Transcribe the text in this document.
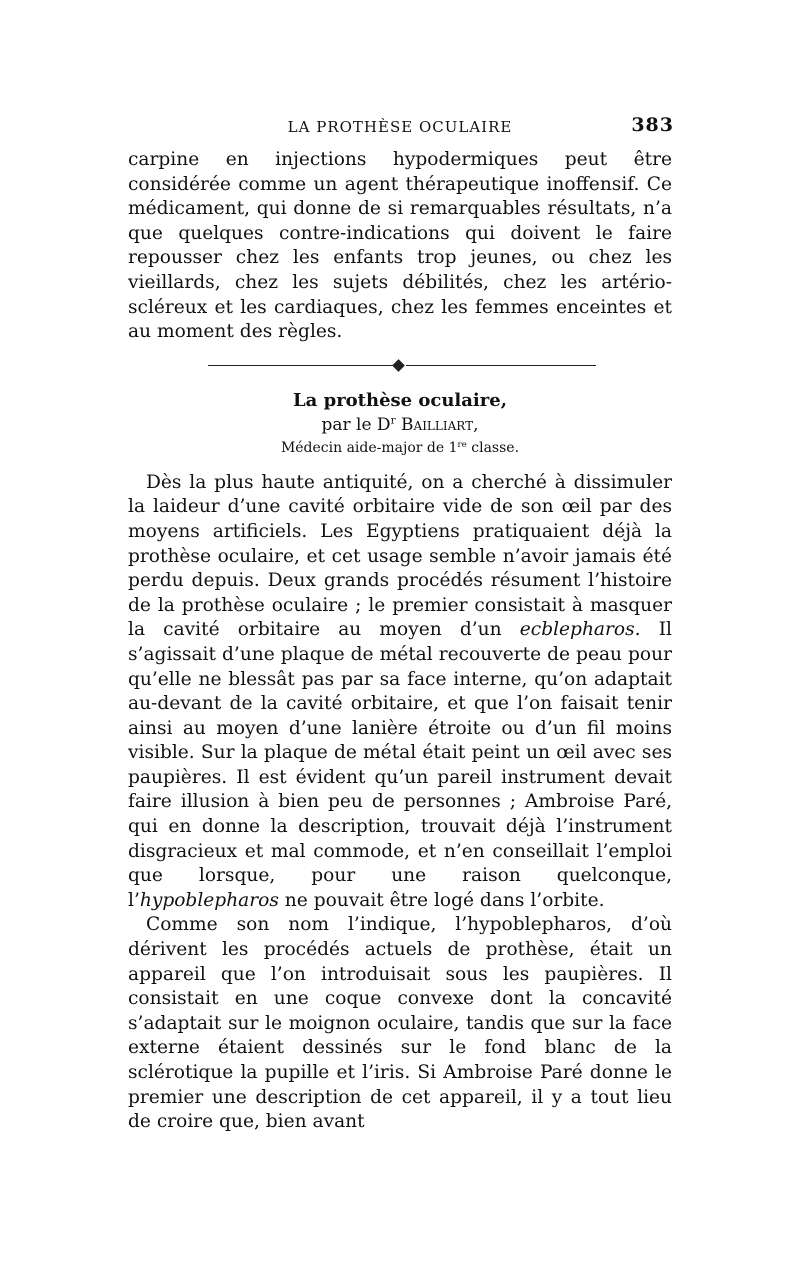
LA PROTHÈSE OCULAIRE	383

carpine en injections hypodermiques peut être considérée comme un agent thérapeutique inoffensif. Ce médicament, qui donne de si remarquables résultats, n’a que quelques contre-indications qui doivent le faire repousser chez les enfants trop jeunes, ou chez les vieillards, chez les sujets débilités, chez les artério-scléreux et les cardiaques, chez les femmes enceintes et au moment des règles.

La prothèse oculaire,

par le $D^r$ Bailliart,

Médecin aide-major de 1re classe.

Dès la plus haute antiquité, on a cherché à dissimuler la laideur d’une cavité orbitaire vide de son œil par des moyens artificiels. Les Egyptiens pratiquaient déjà la prothèse oculaire, et cet usage semble n’avoir jamais été perdu depuis. Deux grands procédés résument l’histoire de la prothèse oculaire ; le premier consistait à masquer la cavité orbitaire au moyen d’un ecblepharos. Il s’agissait d’une plaque de métal recouverte de peau pour qu’elle ne blessât pas par sa face interne, qu’on adaptait au-devant de la cavité orbitaire, et que l’on faisait tenir ainsi au moyen d’une lanière étroite ou d’un fil moins visible. Sur la plaque de métal était peint un œil avec ses paupières. Il est évident qu’un pareil instrument devait faire illusion à bien peu de personnes ; Ambroise Paré, qui en donne la description, trouvait déjà l’instrument disgracieux et mal commode, et n’en conseillait l’emploi que lorsque, pour une raison quelconque, l’hypoblepharos ne pouvait être logé dans l’orbite.

Comme son nom l’indique, l’hypoblepharos, d’où dérivent les procédés actuels de prothèse, était un appareil que l’on introduisait sous les paupières. Il consistait en une coque convexe dont la concavité s’adaptait sur le moignon oculaire, tandis que sur la face externe étaient dessinés sur le fond blanc de la sclérotique la pupille et l’iris. Si Ambroise Paré donne le premier une description de cet appareil, il y a tout lieu de croire que, bien avant
